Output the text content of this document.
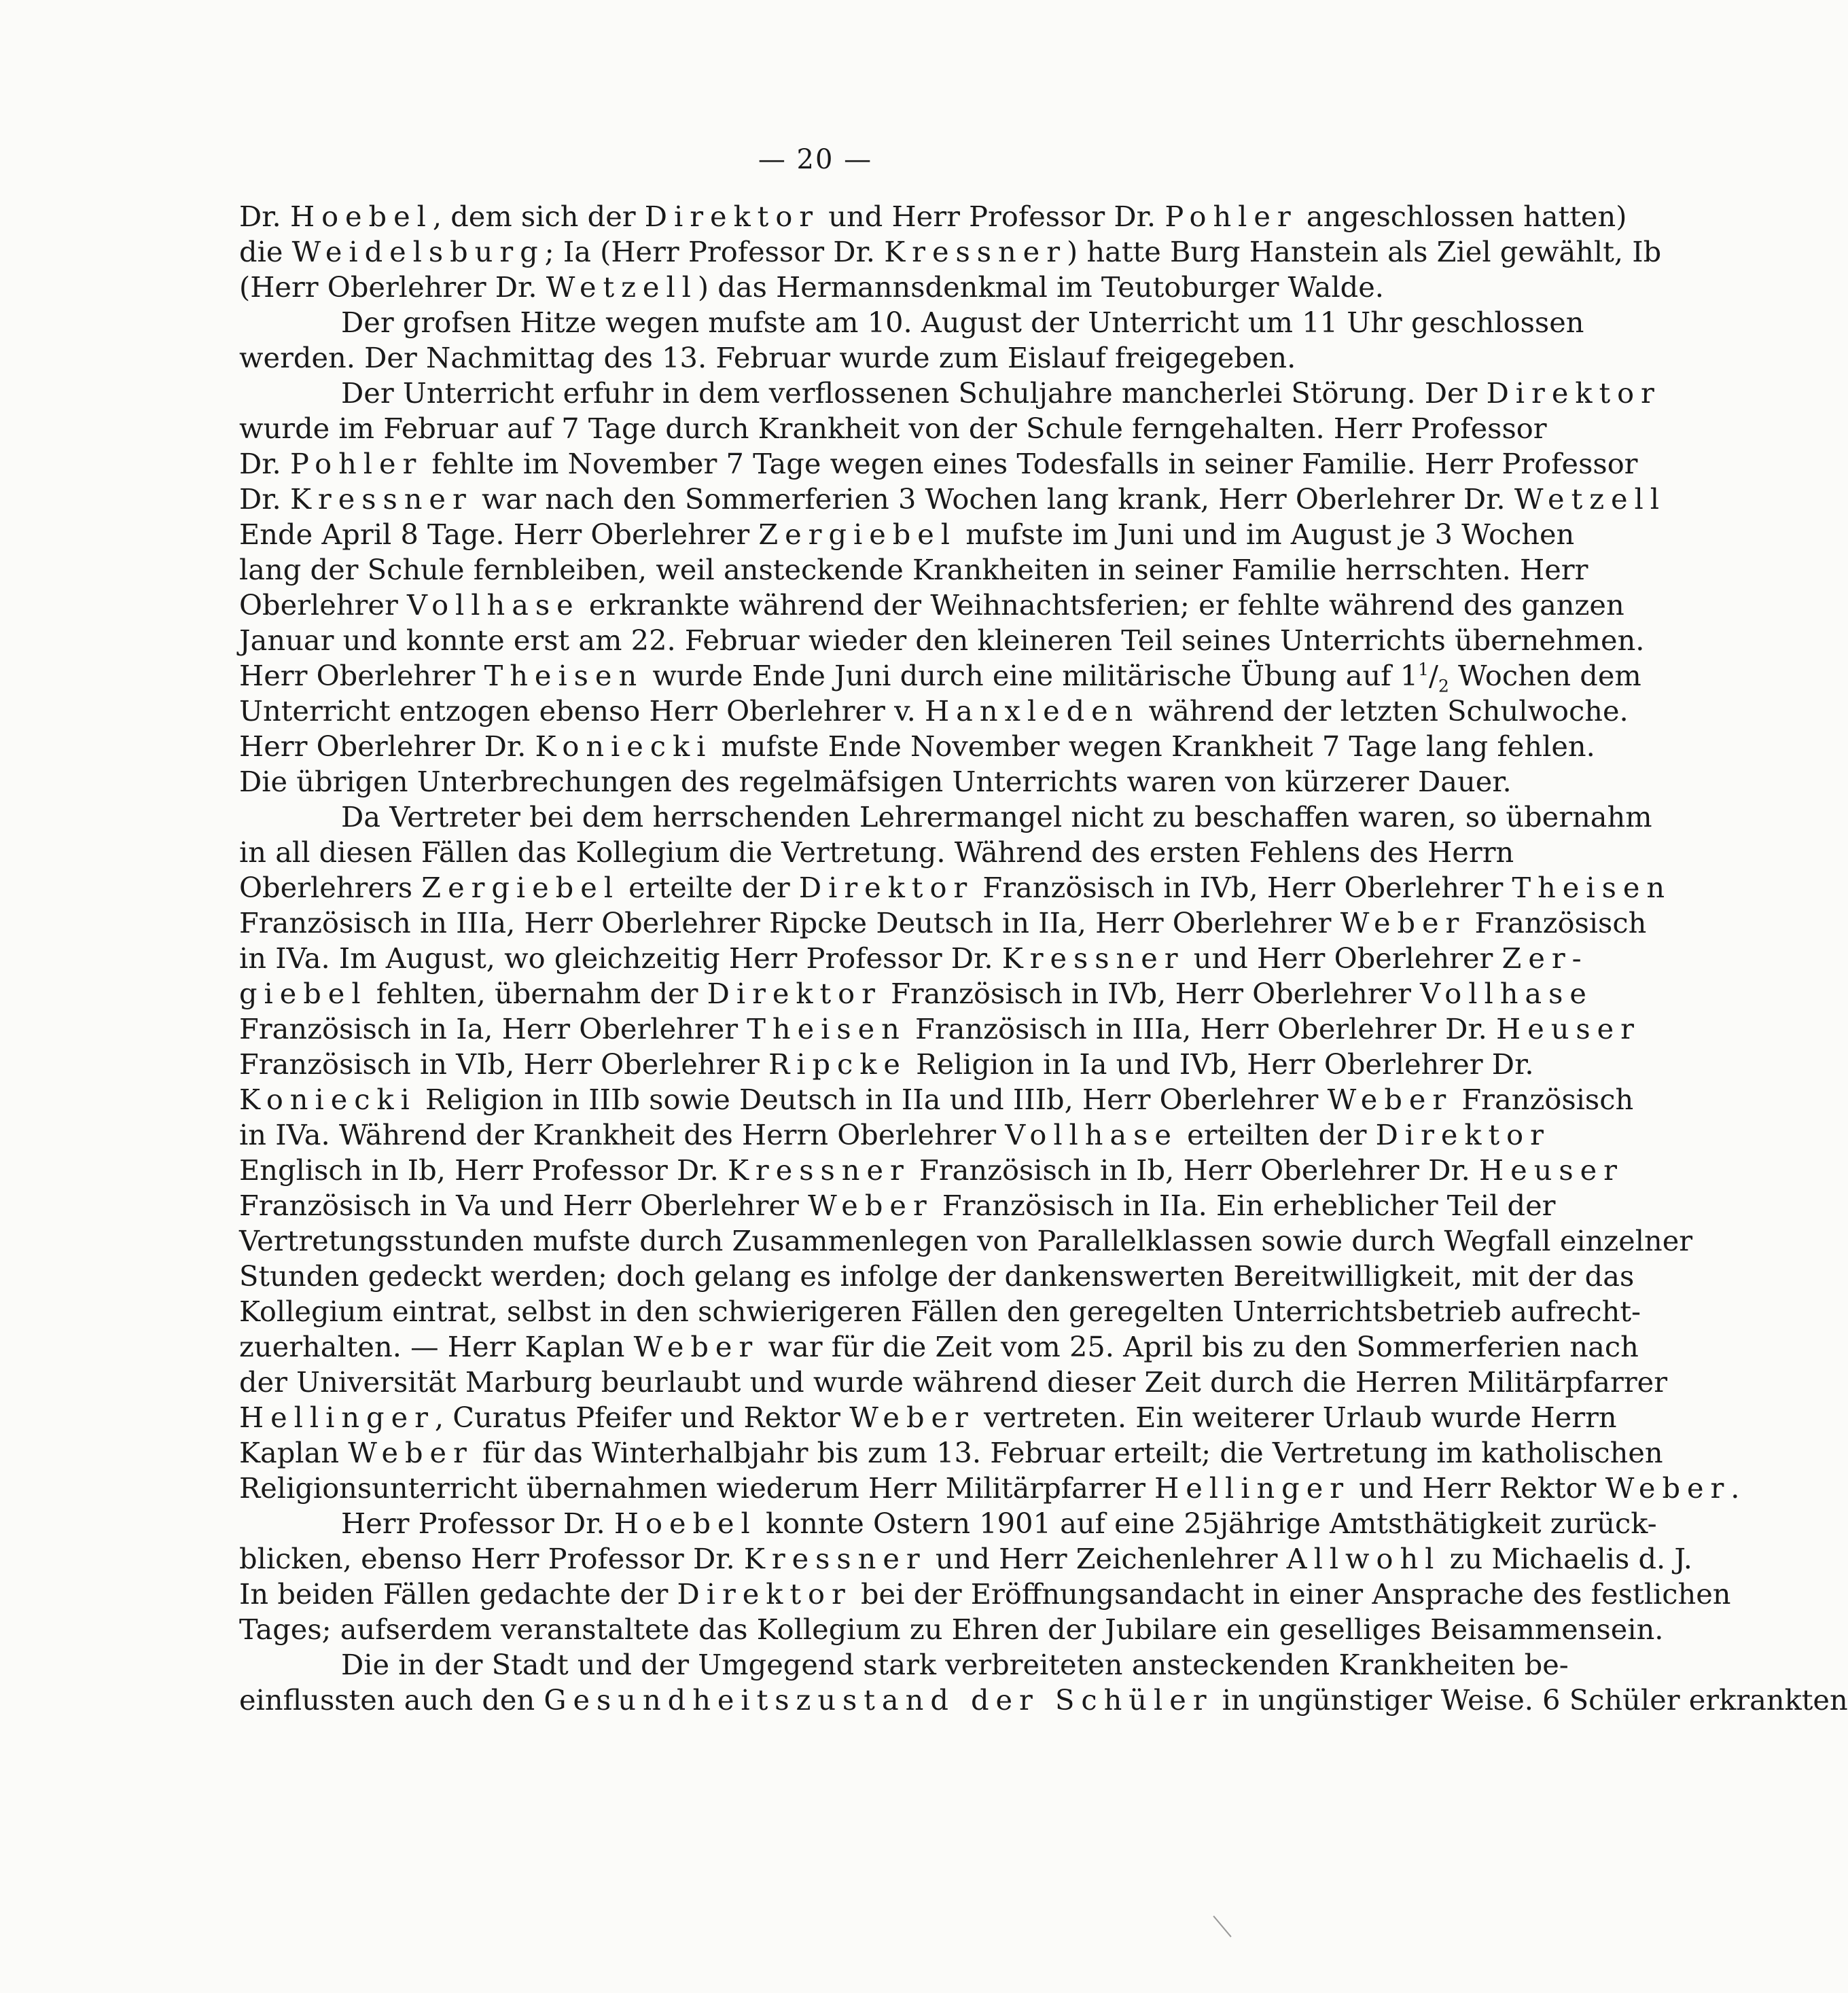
— 20 —

Dr. Hoebel, dem sich der Direktor und Herr Professor Dr. Pohler angeschlossen hatten)
die Weidelsburg; Ia (Herr Professor Dr. Kressner) hatte Burg Hanstein als Ziel gewählt, Ib
(Herr Oberlehrer Dr. Wetzell) das Hermannsdenkmal im Teutoburger Walde.

Der grofsen Hitze wegen mufste am 10. August der Unterricht um 11 Uhr geschlossen
werden. Der Nachmittag des 13. Februar wurde zum Eislauf freigegeben.

Der Unterricht erfuhr in dem verflossenen Schuljahre mancherlei Störung. Der Direktor
wurde im Februar auf 7 Tage durch Krankheit von der Schule ferngehalten. Herr Professor
Dr. Pohler fehlte im November 7 Tage wegen eines Todesfalls in seiner Familie. Herr Professor
Dr. Kressner war nach den Sommerferien 3 Wochen lang krank, Herr Oberlehrer Dr. Wetzell
Ende April 8 Tage. Herr Oberlehrer Zergiebel mufste im Juni und im August je 3 Wochen
lang der Schule fernbleiben, weil ansteckende Krankheiten in seiner Familie herrschten. Herr
Oberlehrer Vollhase erkrankte während der Weihnachtsferien; er fehlte während des ganzen
Januar und konnte erst am 22. Februar wieder den kleineren Teil seines Unterrichts übernehmen.
Herr Oberlehrer Theisen wurde Ende Juni durch eine militärische Übung auf $1^1/_2$ Wochen dem
Unterricht entzogen ebenso Herr Oberlehrer v. Hanxleden während der letzten Schulwoche.
Herr Oberlehrer Dr. Koniecki mufste Ende November wegen Krankheit 7 Tage lang fehlen.
Die übrigen Unterbrechungen des regelmäfsigen Unterrichts waren von kürzerer Dauer.

Da Vertreter bei dem herrschenden Lehrermangel nicht zu beschaffen waren, so übernahm
in all diesen Fällen das Kollegium die Vertretung. Während des ersten Fehlens des Herrn
Oberlehrers Zergiebel erteilte der Direktor Französisch in IVb, Herr Oberlehrer Theisen
Französisch in IIIa, Herr Oberlehrer Ripcke Deutsch in IIa, Herr Oberlehrer Weber Französisch
in IVa. Im August, wo gleichzeitig Herr Professor Dr. Kressner und Herr Oberlehrer Zer-
giebel fehlten, übernahm der Direktor Französisch in IVb, Herr Oberlehrer Vollhase
Französisch in Ia, Herr Oberlehrer Theisen Französisch in IIIa, Herr Oberlehrer Dr. Heuser
Französisch in VIb, Herr Oberlehrer Ripcke Religion in Ia und IVb, Herr Oberlehrer Dr.
Koniecki Religion in IIIb sowie Deutsch in IIa und IIIb, Herr Oberlehrer Weber Französisch
in IVa. Während der Krankheit des Herrn Oberlehrer Vollhase erteilten der Direktor
Englisch in Ib, Herr Professor Dr. Kressner Französisch in Ib, Herr Oberlehrer Dr. Heuser
Französisch in Va und Herr Oberlehrer Weber Französisch in IIa. Ein erheblicher Teil der
Vertretungsstunden mufste durch Zusammenlegen von Parallelklassen sowie durch Wegfall einzelner
Stunden gedeckt werden; doch gelang es infolge der dankenswerten Bereitwilligkeit, mit der das
Kollegium eintrat, selbst in den schwierigeren Fällen den geregelten Unterrichtsbetrieb aufrecht-
zuerhalten. — Herr Kaplan Weber war für die Zeit vom 25. April bis zu den Sommerferien nach
der Universität Marburg beurlaubt und wurde während dieser Zeit durch die Herren Militärpfarrer
Hellinger, Curatus Pfeifer und Rektor Weber vertreten. Ein weiterer Urlaub wurde Herrn
Kaplan Weber für das Winterhalbjahr bis zum 13. Februar erteilt; die Vertretung im katholischen
Religionsunterricht übernahmen wiederum Herr Militärpfarrer Hellinger und Herr Rektor Weber.

Herr Professor Dr. Hoebel konnte Ostern 1901 auf eine 25jährige Amtsthätigkeit zurück-
blicken, ebenso Herr Professor Dr. Kressner und Herr Zeichenlehrer Allwohl zu Michaelis d. J.
In beiden Fällen gedachte der Direktor bei der Eröffnungsandacht in einer Ansprache des festlichen
Tages; aufserdem veranstaltete das Kollegium zu Ehren der Jubilare ein geselliges Beisammensein.

Die in der Stadt und der Umgegend stark verbreiteten ansteckenden Krankheiten be-
einflussten auch den Gesundheitszustand der Schüler in ungünstiger Weise. 6 Schüler erkrankten
